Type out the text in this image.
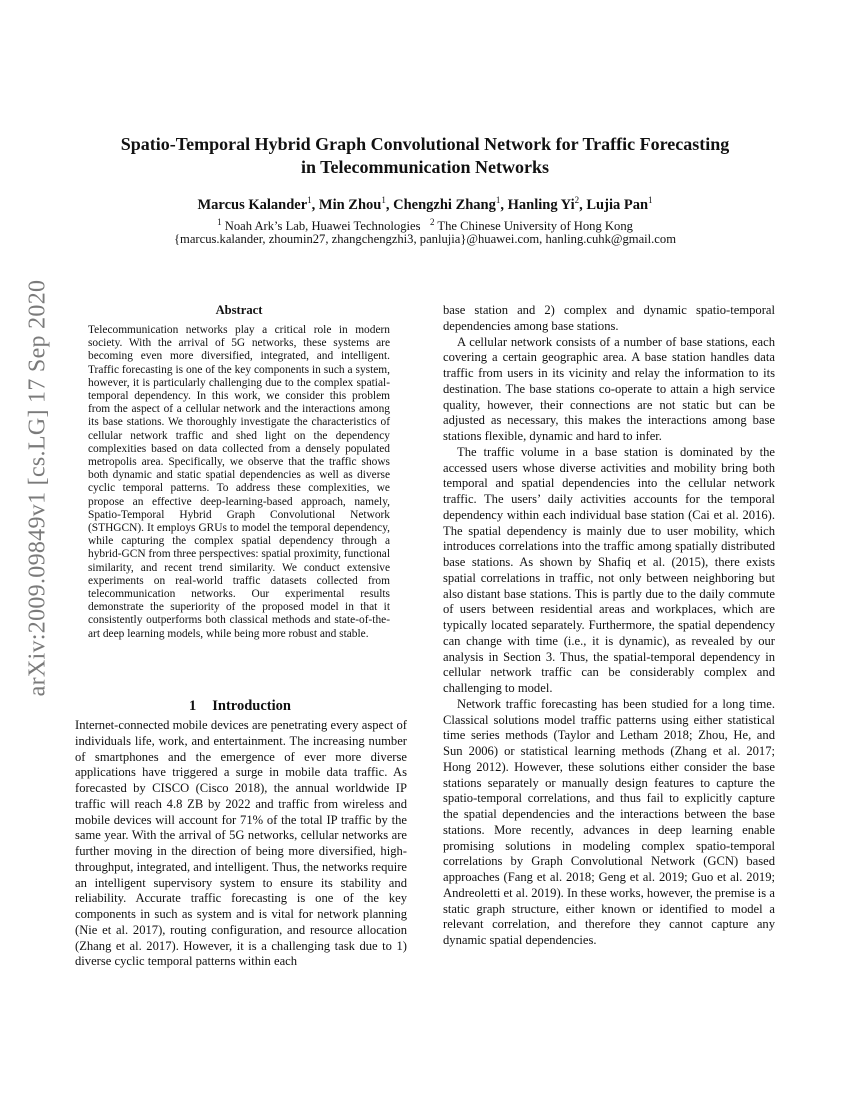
Spatio-Temporal Hybrid Graph Convolutional Network for Traffic Forecasting
in Telecommunication Networks
Marcus Kalander$^1$, Min Zhou$^1$, Chengzhi Zhang$^1$, Hanling Yi$^2$, Lujia Pan$^1$
$^1$ Noah Ark’s Lab, Huawei Technologies $^2$ The Chinese University of Hong Kong
{marcus.kalander, zhoumin27, zhangchengzhi3, panlujia}@huawei.com, hanling.cuhk@gmail.com
arXiv:2009.09849v1 [cs.LG] 17 Sep 2020	Abstract

Telecommunication networks play a critical role in modern society. With the arrival of 5G networks, these systems are becoming even more diversified, integrated, and intelligent. Traffic forecasting is one of the key components in such a system, however, it is particularly challenging due to the complex spatial-temporal dependency. In this work, we consider this problem from the aspect of a cellular network and the interactions among its base stations. We thoroughly investigate the characteristics of cellular network traffic and shed light on the dependency complexities based on data collected from a densely populated metropolis area. Specifically, we observe that the traffic shows both dynamic and static spatial dependencies as well as diverse cyclic temporal patterns. To address these complexities, we propose an effective deep-learning-based approach, namely, Spatio-Temporal Hybrid Graph Convolutional Network (STHGCN). It employs GRUs to model the temporal dependency, while capturing the complex spatial dependency through a hybrid-GCN from three perspectives: spatial proximity, functional similarity, and recent trend similarity. We conduct extensive experiments on real-world traffic datasets collected from telecommunication networks. Our experimental results demonstrate the superiority of the proposed model in that it consistently outperforms both classical methods and state-of-the-art deep learning models, while being more robust and stable.

1 Introduction

Internet-connected mobile devices are penetrating every aspect of individuals life, work, and entertainment. The increasing number of smartphones and the emergence of ever more diverse applications have triggered a surge in mobile data traffic. As forecasted by CISCO (Cisco 2018), the annual worldwide IP traffic will reach 4.8 ZB by 2022 and traffic from wireless and mobile devices will account for 71% of the total IP traffic by the same year. With the arrival of 5G networks, cellular networks are further moving in the direction of being more diversified, high-throughput, integrated, and intelligent. Thus, the networks require an intelligent supervisory system to ensure its stability and reliability. Accurate traffic forecasting is one of the key components in such as system and is vital for network planning (Nie et al. 2017), routing configuration, and resource allocation (Zhang et al. 2017). However, it is a challenging task due to 1) diverse cyclic temporal patterns within each

base station and 2) complex and dynamic spatio-temporal dependencies among base stations.

A cellular network consists of a number of base stations, each covering a certain geographic area. A base station handles data traffic from users in its vicinity and relay the information to its destination. The base stations co-operate to attain a high service quality, however, their connections are not static but can be adjusted as necessary, this makes the interactions among base stations flexible, dynamic and hard to infer.

The traffic volume in a base station is dominated by the accessed users whose diverse activities and mobility bring both temporal and spatial dependencies into the cellular network traffic. The users’ daily activities accounts for the temporal dependency within each individual base station (Cai et al. 2016). The spatial dependency is mainly due to user mobility, which introduces correlations into the traffic among spatially distributed base stations. As shown by Shafiq et al. (2015), there exists spatial correlations in traffic, not only between neighboring but also distant base stations. This is partly due to the daily commute of users between residential areas and workplaces, which are typically located separately. Furthermore, the spatial dependency can change with time (i.e., it is dynamic), as revealed by our analysis in Section 3. Thus, the spatial-temporal dependency in cellular network traffic can be considerably complex and challenging to model.

Network traffic forecasting has been studied for a long time. Classical solutions model traffic patterns using either statistical time series methods (Taylor and Letham 2018; Zhou, He, and Sun 2006) or statistical learning methods (Zhang et al. 2017; Hong 2012). However, these solutions either consider the base stations separately or manually design features to capture the spatio-temporal correlations, and thus fail to explicitly capture the spatial dependencies and the interactions between the base stations. More recently, advances in deep learning enable promising solutions in modeling complex spatio-temporal correlations by Graph Convolutional Network (GCN) based approaches (Fang et al. 2018; Geng et al. 2019; Guo et al. 2019; Andreoletti et al. 2019). In these works, however, the premise is a static graph structure, either known or identified to model a relevant correlation, and therefore they cannot capture any dynamic spatial dependencies.
